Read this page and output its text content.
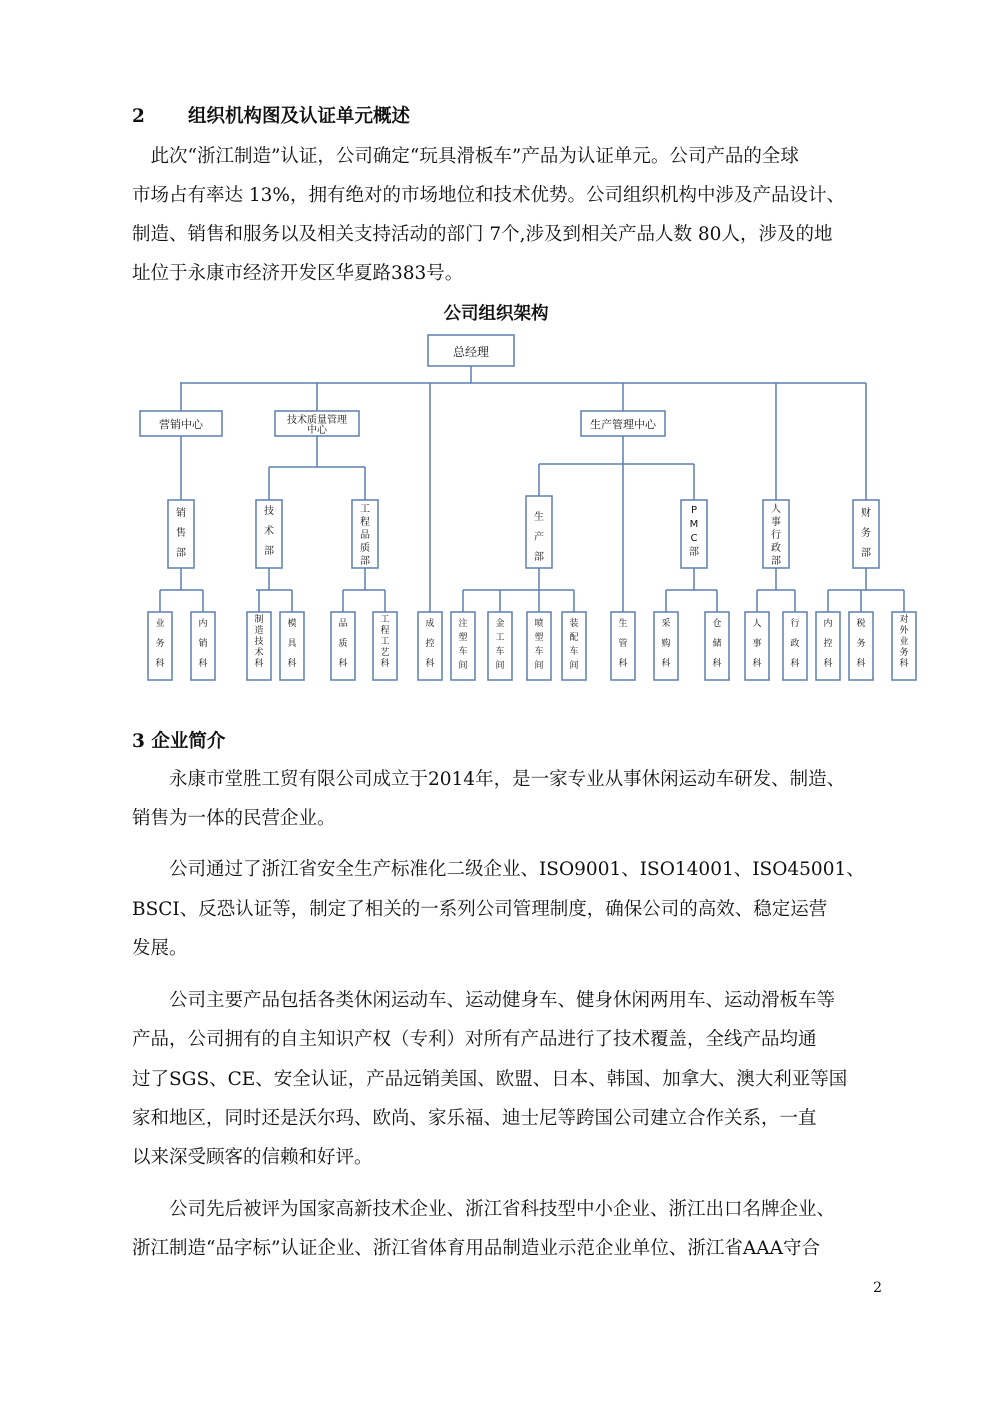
2 组织机构图及认证单元概述
　此次“浙江制造”认证，公司确定“玩具滑板车”产品为认证单元。公司产品的全球
市场占有率达 13%，拥有绝对的市场地位和技术优势。公司组织机构中涉及产品设计、
制造、销售和服务以及相关支持活动的部门 7个,涉及到相关产品人数 80人，涉及的地
址位于永康市经济开发区华夏路383号。
公司组织架构
总经理
营销中心	技术质量管理
中心	生产管理中心
销
售
部
技
术
部
工
程
品
质
部
生
产
部
P
M
C
部
人
事
行
政
部
财
务
部
业
务
科
内
销
科
制
造
技
术
科
模
具
科
品
质
科
工
程
工
艺
科
成
控
科
注
塑
车
间
金
工
车
间
喷
塑
车
间
装
配
车
间
生
管
科
采
购
科
仓
储
科
人
事
科
行
政
科
内
控
科
税
务
科
对
外
业
务
科
3 企业简介
　　永康市堂胜工贸有限公司成立于2014年，是一家专业从事休闲运动车研发、制造、
销售为一体的民营企业。
　　公司通过了浙江省安全生产标准化二级企业、ISO9001、ISO14001、ISO45001、
BSCI、反恐认证等，制定了相关的一系列公司管理制度，确保公司的高效、稳定运营
发展。
　　公司主要产品包括各类休闲运动车、运动健身车、健身休闲两用车、运动滑板车等
产品，公司拥有的自主知识产权（专利）对所有产品进行了技术覆盖，全线产品均通
过了SGS、CE、安全认证，产品远销美国、欧盟、日本、韩国、加拿大、澳大利亚等国
家和地区，同时还是沃尔玛、欧尚、家乐福、迪士尼等跨国公司建立合作关系，一直
以来深受顾客的信赖和好评。
　　公司先后被评为国家高新技术企业、浙江省科技型中小企业、浙江出口名牌企业、
浙江制造“品字标”认证企业、浙江省体育用品制造业示范企业单位、浙江省AAA守合
2
